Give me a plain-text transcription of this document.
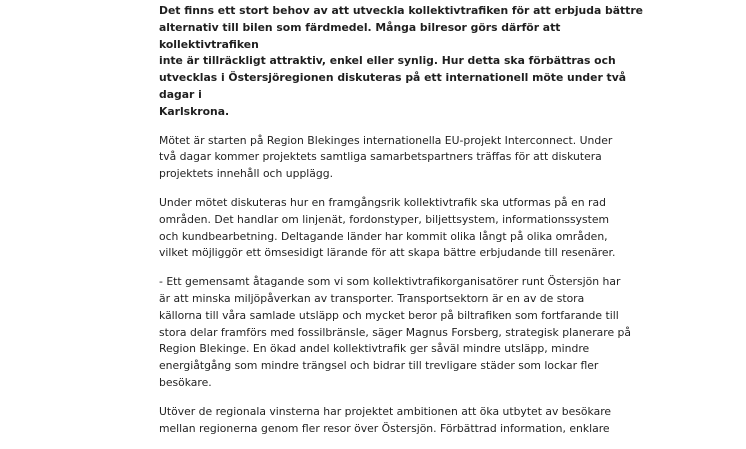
Det finns ett stort behov av att utveckla kollektivtrafiken för att erbjuda bättre
alternativ till bilen som färdmedel. Många bilresor görs därför att kollektivtrafiken
inte är tillräckligt attraktiv, enkel eller synlig. Hur detta ska förbättras och
utvecklas i Östersjöregionen diskuteras på ett internationell möte under två dagar i
Karlskrona.

Mötet är starten på Region Blekinges internationella EU-projekt Interconnect. Under
två dagar kommer projektets samtliga samarbetspartners träffas för att diskutera
projektets innehåll och upplägg.

Under mötet diskuteras hur en framgångsrik kollektivtrafik ska utformas på en rad
områden. Det handlar om linjenät, fordonstyper, biljettsystem, informationssystem
och kundbearbetning. Deltagande länder har kommit olika långt på olika områden,
vilket möjliggör ett ömsesidigt lärande för att skapa bättre erbjudande till resenärer.

- Ett gemensamt åtagande som vi som kollektivtrafikorganisatörer runt Östersjön har
är att minska miljöpåverkan av transporter. Transportsektorn är en av de stora
källorna till våra samlade utsläpp och mycket beror på biltrafiken som fortfarande till
stora delar framförs med fossilbränsle, säger Magnus Forsberg, strategisk planerare på
Region Blekinge. En ökad andel kollektivtrafik ger såväl mindre utsläpp, mindre
energiåtgång som mindre trängsel och bidrar till trevligare städer som lockar fler
besökare.

Utöver de regionala vinsterna har projektet ambitionen att öka utbytet av besökare
mellan regionerna genom fler resor över Östersjön. Förbättrad information, enklare
